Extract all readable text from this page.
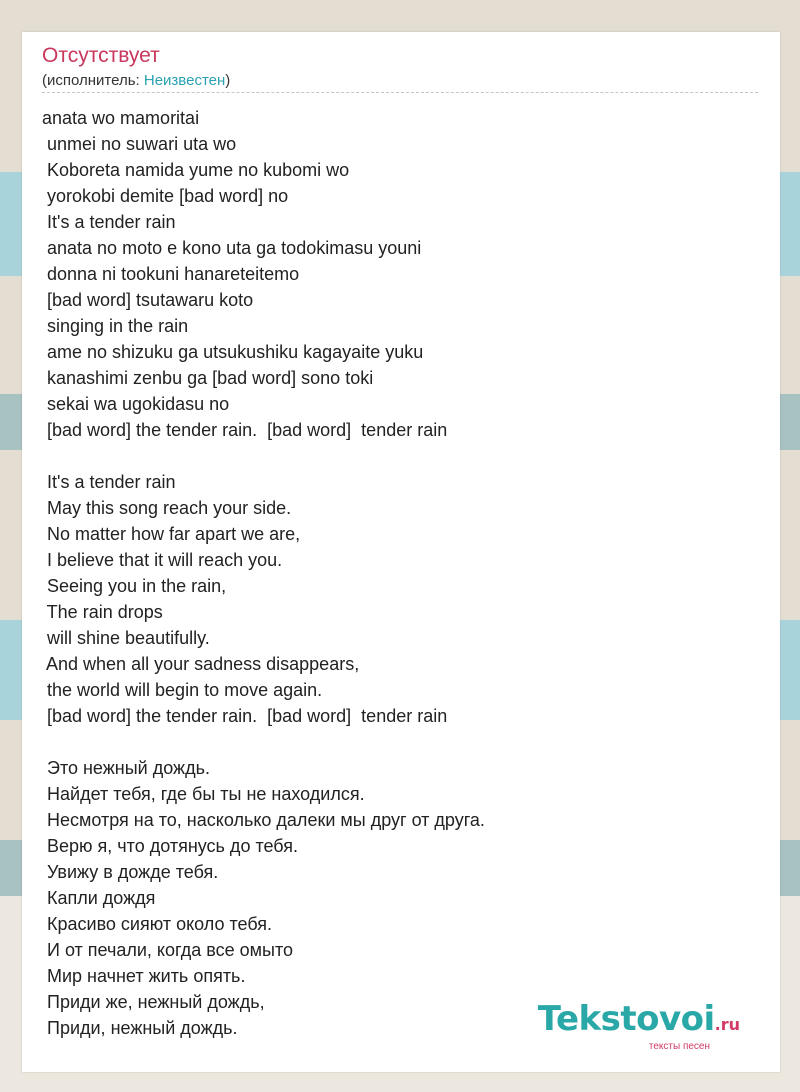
Отсутствует
(исполнитель: Неизвестен)
anata wo mamoritai
unmei no suwari uta wo
Koboreta namida yume no kubomi wo
yorokobi demite [bad word] no
It's a tender rain
anata no moto e kono uta ga todokimasu youni
donna ni tookuni hanareteitemo
[bad word] tsutawaru koto
singing in the rain
ame no shizuku ga utsukushiku kagayaite yuku
kanashimi zenbu ga [bad word] sono toki
sekai wa ugokidasu no
[bad word] the tender rain.  [bad word]  tender rain
It's a tender rain
May this song reach your side.
No matter how far apart we are,
I believe that it will reach you.
Seeing you in the rain,
The rain drops
will shine beautifully.
And when all your sadness disappears,
the world will begin to move again.
[bad word] the tender rain.  [bad word]  tender rain
Это нежный дождь.
Найдет тебя, где бы ты не находился.
Несмотря на то, насколько далеки мы друг от друга.
Верю я, что дотянусь до тебя.
Увижу в дожде тебя.
Капли дождя
Красиво сияют около тебя.
И от печали, когда все омыто
Мир начнет жить опять.
Приди же, нежный дождь,
Приди, нежный дождь.	Tekstovoi.ru
тексты песен
